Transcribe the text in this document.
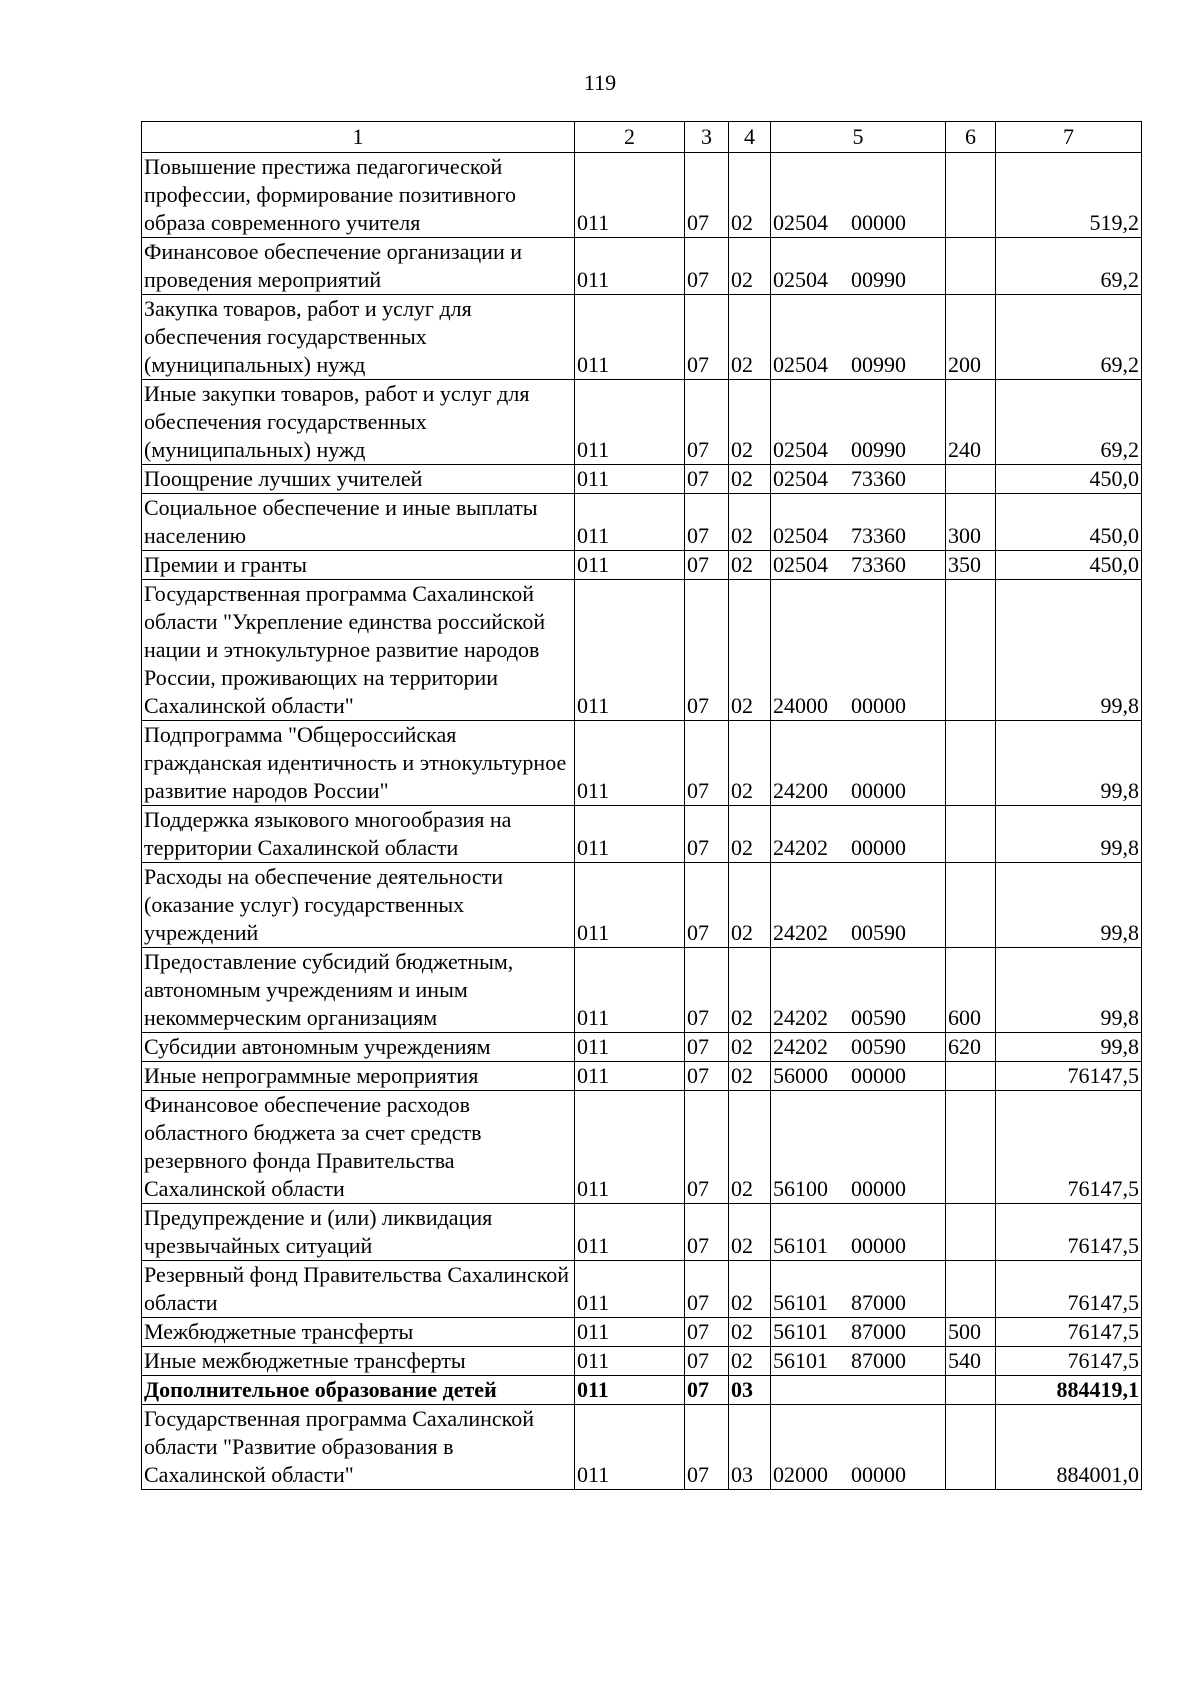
119
1	2	3	4	5	6	7
Повышение престижа педагогической профессии, формирование позитивного образа современного учителя	011	07	02	02504 00000		519,2
Финансовое обеспечение организации и проведения мероприятий	011	07	02	02504 00990		69,2
Закупка товаров, работ и услуг для обеспечения государственных (муниципальных) нужд	011	07	02	02504 00990	200	69,2
Иные закупки товаров, работ и услуг для обеспечения государственных (муниципальных) нужд	011	07	02	02504 00990	240	69,2
Поощрение лучших учителей	011	07	02	02504 73360		450,0
Социальное обеспечение и иные выплаты населению	011	07	02	02504 73360	300	450,0
Премии и гранты	011	07	02	02504 73360	350	450,0
Государственная программа Сахалинской области "Укрепление единства российской нации и этнокультурное развитие народов России, проживающих на территории Сахалинской области"	011	07	02	24000 00000		99,8
Подпрограмма "Общероссийская гражданская идентичность и этнокультурное развитие народов России"	011	07	02	24200 00000		99,8
Поддержка языкового многообразия на территории Сахалинской области	011	07	02	24202 00000		99,8
Расходы на обеспечение деятельности (оказание услуг) государственных учреждений	011	07	02	24202 00590		99,8
Предоставление субсидий бюджетным, автономным учреждениям и иным некоммерческим организациям	011	07	02	24202 00590	600	99,8
Субсидии автономным учреждениям	011	07	02	24202 00590	620	99,8
Иные непрограммные мероприятия	011	07	02	56000 00000		76147,5
Финансовое обеспечение расходов областного бюджета за счет средств резервного фонда Правительства Сахалинской области	011	07	02	56100 00000		76147,5
Предупреждение и (или) ликвидация чрезвычайных ситуаций	011	07	02	56101 00000		76147,5
Резервный фонд Правительства Сахалинской области	011	07	02	56101 87000		76147,5
Межбюджетные трансферты	011	07	02	56101 87000	500	76147,5
Иные межбюджетные трансферты	011	07	02	56101 87000	540	76147,5
Дополнительное образование детей	011	07	03			884419,1
Государственная программа Сахалинской области "Развитие образования в Сахалинской области"	011	07	03	02000 00000		884001,0
